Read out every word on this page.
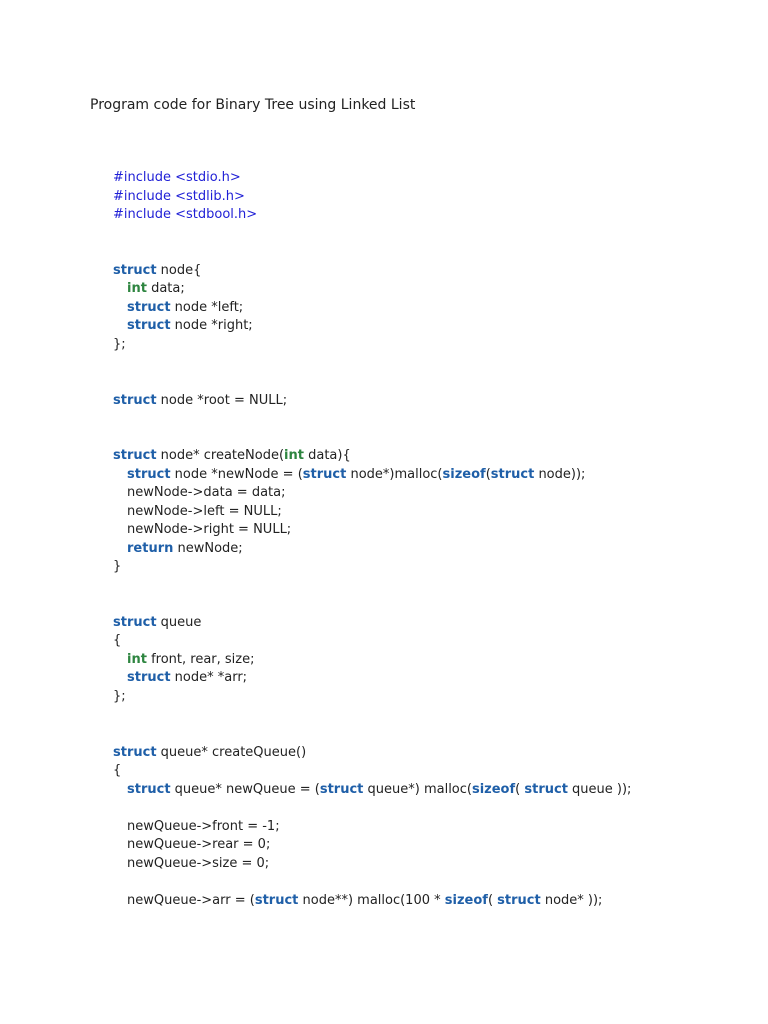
Program code for Binary Tree using Linked List
#include <stdio.h>
#include <stdlib.h>
#include <stdbool.h>
struct node{
int data;
struct node *left;
struct node *right;
};
struct node *root = NULL;
struct node* createNode(int data){
struct node *newNode = (struct node*)malloc(sizeof(struct node));
newNode->data = data;
newNode->left = NULL;
newNode->right = NULL;
return newNode;
}
struct queue
{
int front, rear, size;
struct node* *arr;
};
struct queue* createQueue()
{
struct queue* newQueue = (struct queue*) malloc(sizeof( struct queue ));
newQueue->front = -1;
newQueue->rear = 0;
newQueue->size = 0;
newQueue->arr = (struct node**) malloc(100 * sizeof( struct node* ));
